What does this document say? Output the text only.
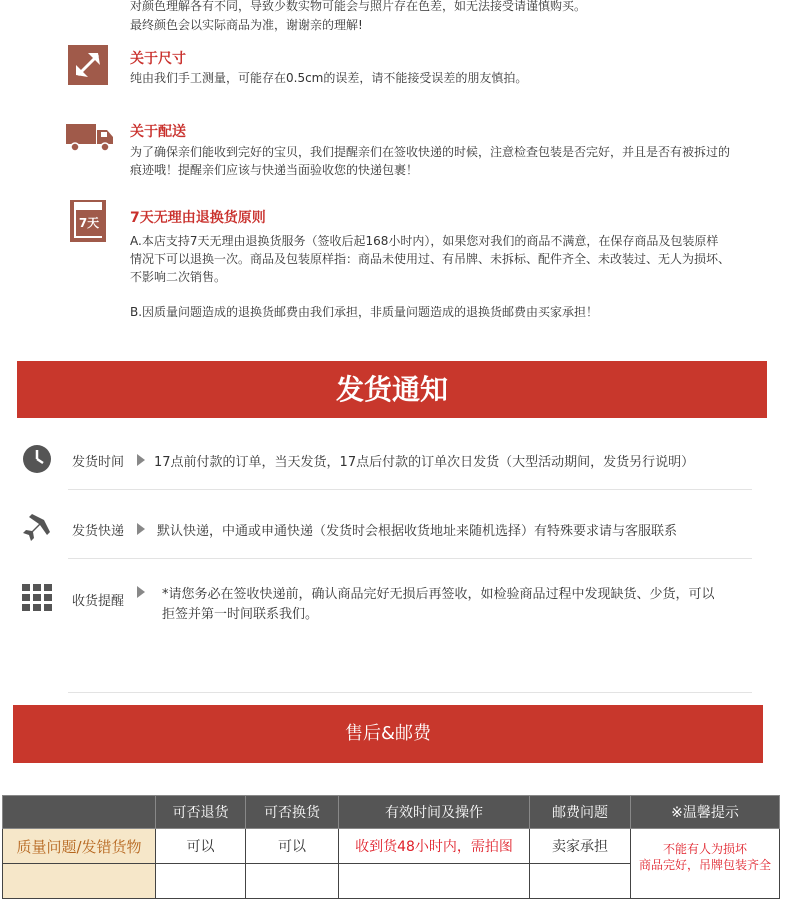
对颜色理解各有不同，导致少数实物可能会与照片存在色差，如无法接受请谨慎购买。
最终颜色会以实际商品为准，谢谢亲的理解!
关于尺寸
纯由我们手工测量，可能存在0.5cm的误差，请不能接受误差的朋友慎拍。
关于配送
为了确保亲们能收到完好的宝贝，我们提醒亲们在签收快递的时候，注意检查包装是否完好，并且是否有被拆过的
痕迹哦！提醒亲们应该与快递当面验收您的快递包裹！
7天 7天无理由退换货原则
A.本店支持7天无理由退换货服务（签收后起168小时内），如果您对我们的商品不满意，在保存商品及包装原样
情况下可以退换一次。商品及包装原样指：商品未使用过、有吊牌、未拆标、配件齐全、未改装过、无人为损坏、
不影响二次销售。
B.因质量问题造成的退换货邮费由我们承担，非质量问题造成的退换货邮费由买家承担！
发货通知
发货时间 17点前付款的订单，当天发货，17点后付款的订单次日发货（大型活动期间，发货另行说明）
发货快递	默认快递，中通或申通快递（发货时会根据收货地址来随机选择）有特殊要求请与客服联系
收货提醒	*请您务必在签收快递前，确认商品完好无损后再签收，如检验商品过程中发现缺货、少货，可以
拒签并第一时间联系我们。
售后&邮费
	可否退货	可否换货	有效时间及操作	邮费问题	※温馨提示
质量问题/发错货物	可以	可以	收到货48小时内，需拍图	卖家承担	不能有人为损坏
商品完好，吊牌包装齐全
